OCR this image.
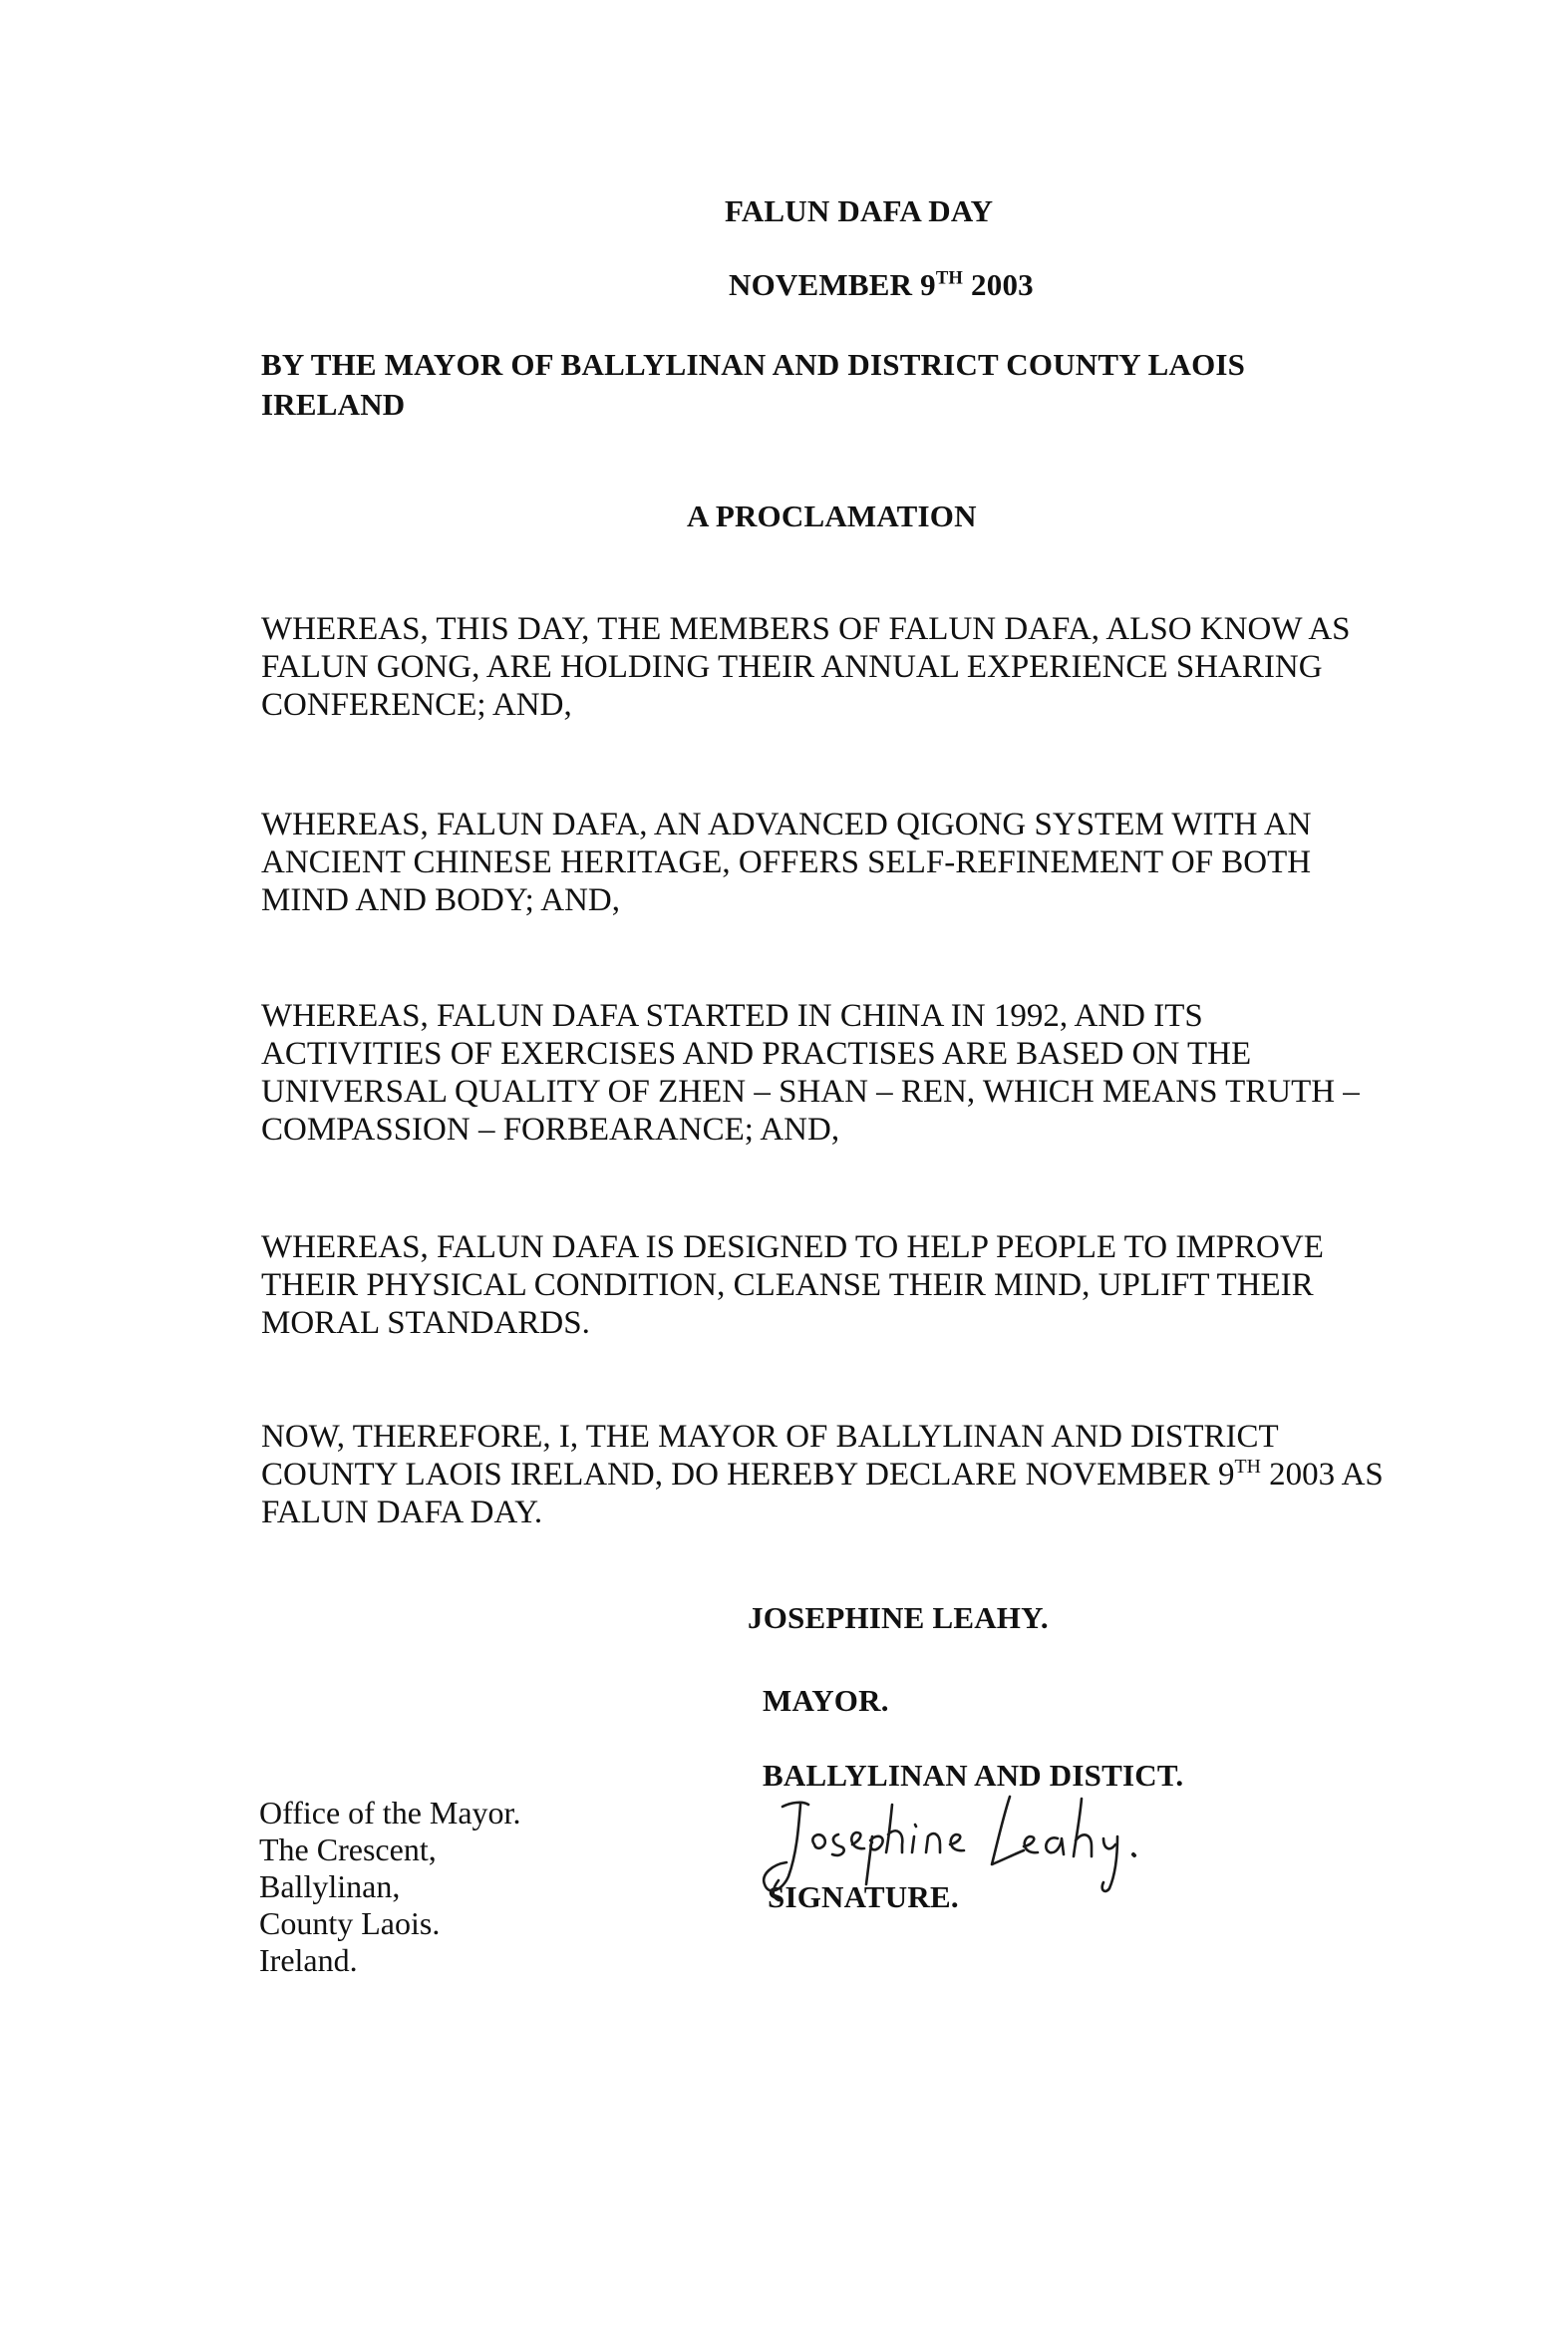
FALUN DAFA DAY
NOVEMBER 9TH 2003
BY THE MAYOR OF BALLYLINAN AND DISTRICT COUNTY LAOIS
IRELAND
A PROCLAMATION

WHEREAS, THIS DAY, THE MEMBERS OF FALUN DAFA, ALSO KNOW AS

FALUN GONG, ARE HOLDING THEIR ANNUAL EXPERIENCE SHARING

CONFERENCE; AND,

WHEREAS, FALUN DAFA, AN ADVANCED QIGONG SYSTEM WITH AN

ANCIENT CHINESE HERITAGE, OFFERS SELF-REFINEMENT OF BOTH

MIND AND BODY; AND,

WHEREAS, FALUN DAFA STARTED IN CHINA IN 1992, AND ITS

ACTIVITIES OF EXERCISES AND PRACTISES ARE BASED ON THE

UNIVERSAL QUALITY OF ZHEN – SHAN – REN, WHICH MEANS TRUTH –

COMPASSION – FORBEARANCE; AND,

WHEREAS, FALUN DAFA IS DESIGNED TO HELP PEOPLE TO IMPROVE

THEIR PHYSICAL CONDITION, CLEANSE THEIR MIND, UPLIFT THEIR

MORAL STANDARDS.

NOW, THEREFORE, I, THE MAYOR OF BALLYLINAN AND DISTRICT

COUNTY LAOIS IRELAND, DO HEREBY DECLARE NOVEMBER 9TH 2003 AS

FALUN DAFA DAY.

JOSEPHINE LEAHY.
MAYOR.
BALLYLINAN AND DISTICT.
SIGNATURE.
Office of the Mayor.
The Crescent,
Ballylinan,
County Laois.
Ireland.
